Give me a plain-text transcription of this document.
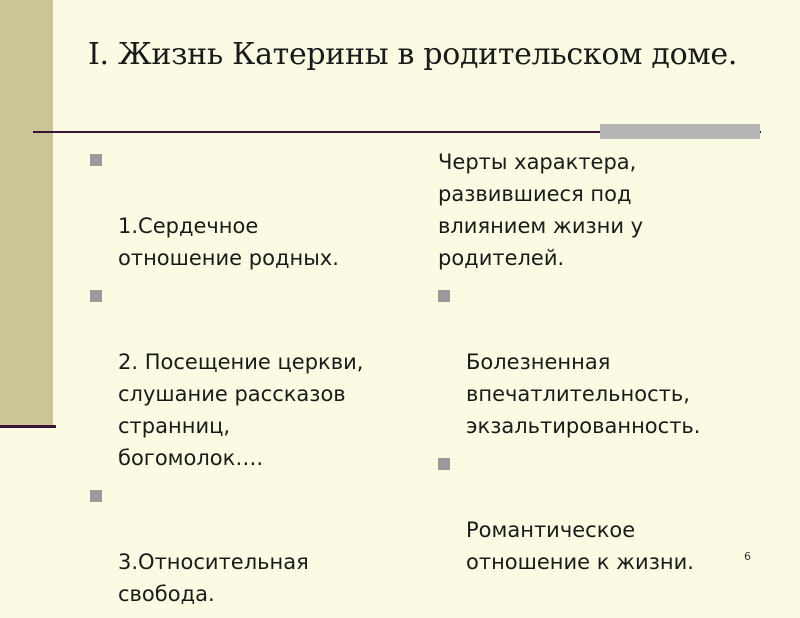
I. Жизнь Катерины в родительском доме.

1.Сердечное
отношение родных.

2. Посещение церкви,
слушание рассказов
странниц,
богомолок….

3.Относительная
свобода.

Черты характера,
развившиеся под
влиянием жизни у
родителей.

Болезненная
впечатлительность,
экзальтированность.

Романтическое
отношение к жизни.	6
